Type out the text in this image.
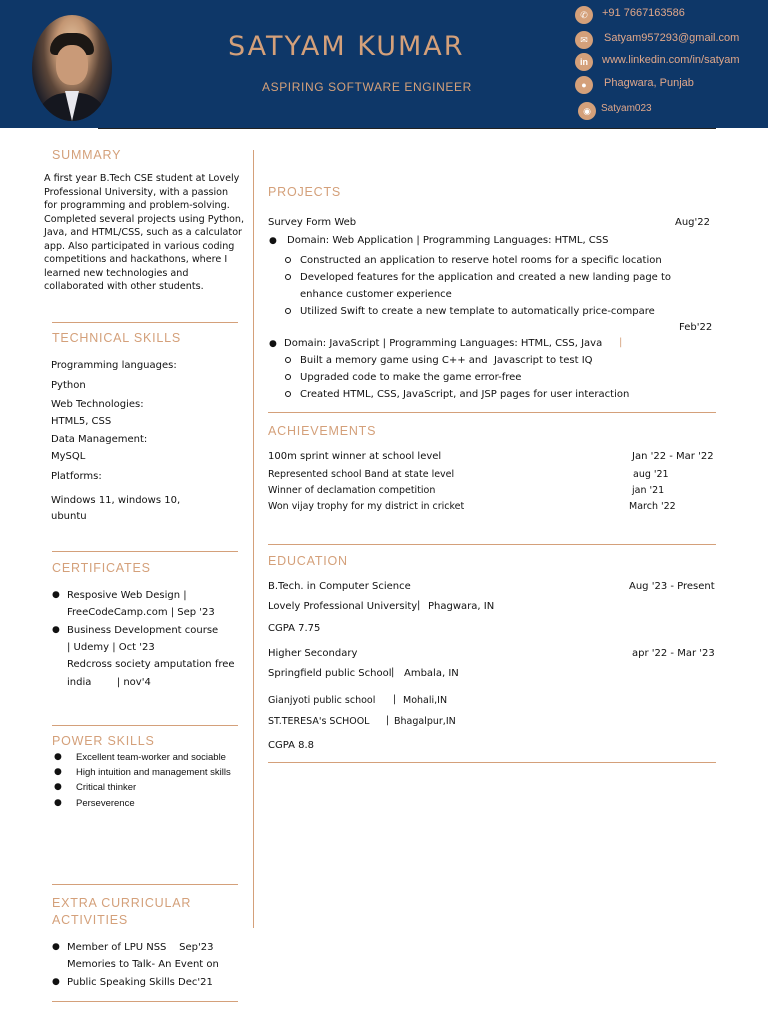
SATYAM KUMAR
ASPIRING SOFTWARE ENGINEER
✆	+91 7667163586
✉	Satyam957293@gmail.com
in	www.linkedin.com/in/satyam
●	Phagwara, Punjab
◉	Satyam023
SUMMARY
A first year B.Tech CSE student at Lovely Professional University, with a passion for programming and problem-solving. Completed several projects using Python, Java, and HTML/CSS, such as a calculator app. Also participated in various coding competitions and hackathons, where I learned new technologies and collaborated with other students.
TECHNICAL SKILLS
Programming languages:
Python
Web Technologies:
HTML5, CSS
Data Management:
MySQL
Platforms:
Windows 11, windows 10,
ubuntu
CERTIFICATES
● Resposive Web Design |
FreeCodeCamp.com | Sep '23
● Business Development course
| Udemy | Oct '23
Redcross society amputation free
india        | nov'4
POWER SKILLS
● Excellent team-worker and sociable
● High intuition and management skills
● Critical thinker
● Perseverence
EXTRA CURRICULAR
ACTIVITIES
● Member of LPU NSS    Sep'23
Memories to Talk- An Event on
● Public Speaking Skills Dec'21
PROJECTS
Survey Form Web	Aug'22
● Domain: Web Application | Programming Languages: HTML, CSS
Constructed an application to reserve hotel rooms for a specific location
Developed features for the application and created a new landing page to
enhance customer experience
Utilized Swift to create a new template to automatically price-compare
Feb'22
● Domain: JavaScript | Programming Languages: HTML, CSS, Java |
Built a memory game using C++ and  Javascript to test IQ
Upgraded code to make the game error-free
Created HTML, CSS, JavaScript, and JSP pages for user interaction
ACHIEVEMENTS
100m sprint winner at school level	Jan '22 - Mar '22
Represented school Band at state level	aug '21
Winner of declamation competition	jan '21
Won vijay trophy for my district in cricket	March '22
EDUCATION
B.Tech. in Computer Science	Aug '23 - Present
Lovely Professional University | Phagwara, IN
CGPA 7.75
Higher Secondary	apr '22 - Mar '23
Springfield public School | Ambala, IN
Gianjyoti public school | Mohali,IN
ST.TERESA's SCHOOL | Bhagalpur,IN
CGPA 8.8
